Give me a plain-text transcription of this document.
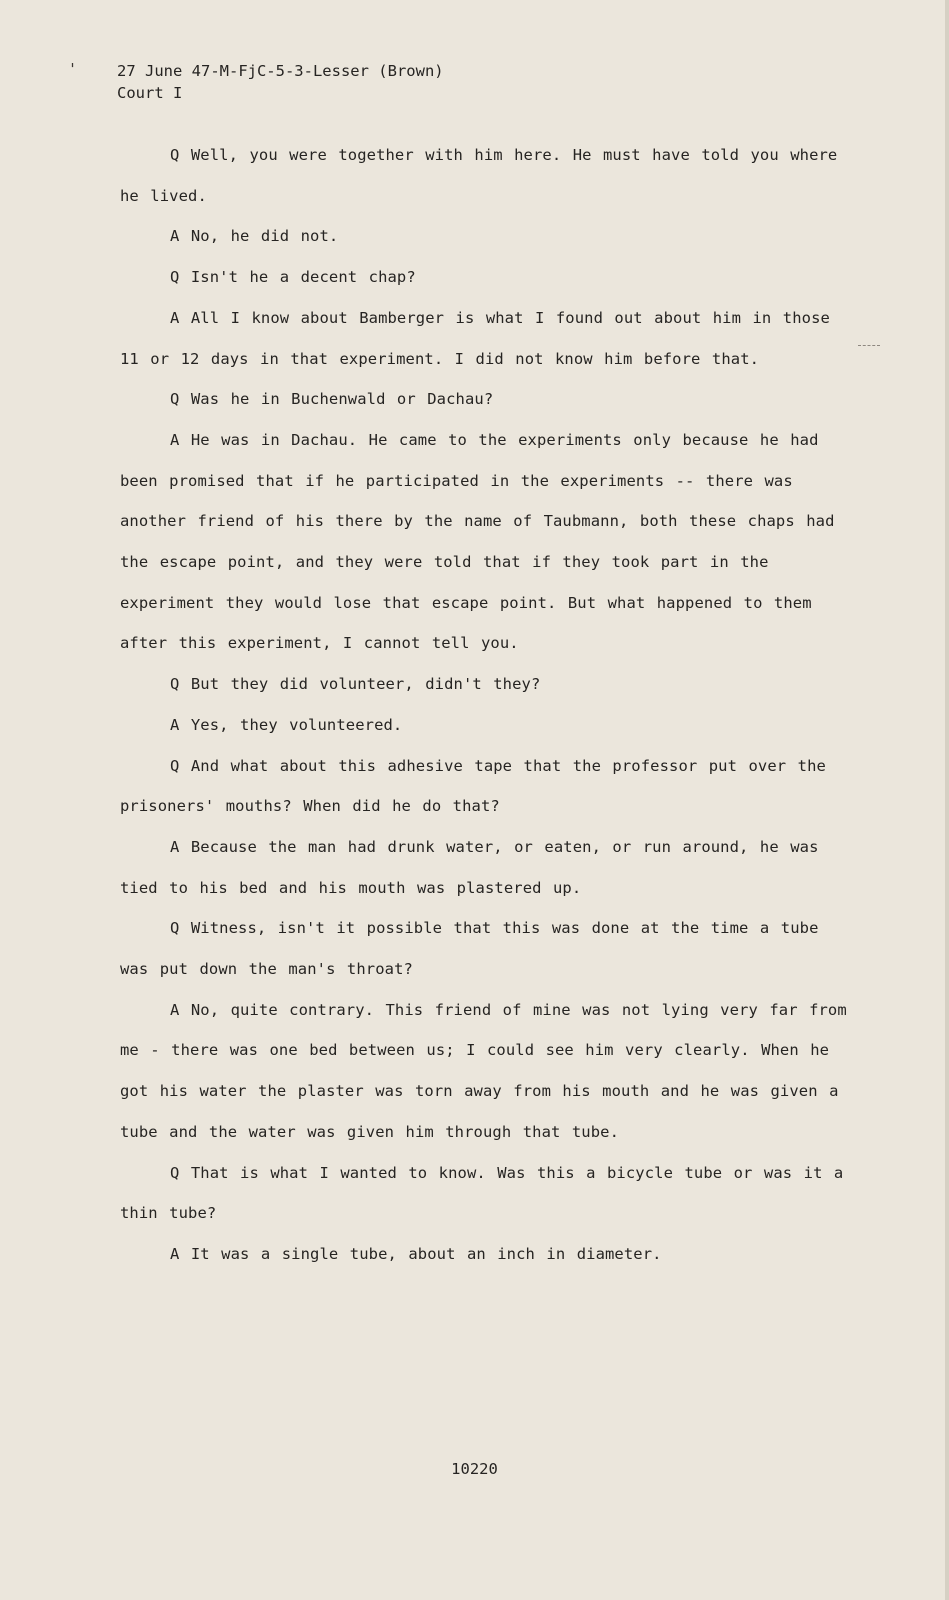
'	27 June 47-M-FjC-5-3-Lesser (Brown)
Court I

Q Well, you were together with him here. He must have told you where he lived.

A No, he did not.

Q Isn't he a decent chap?

A All I know about Bamberger is what I found out about him in those 11 or 12 days in that experiment. I did not know him before that.

Q Was he in Buchenwald or Dachau?

A He was in Dachau. He came to the experiments only because he had been promised that if he participated in the experiments -- there was another friend of his there by the name of Taubmann, both these chaps had the escape point, and they were told that if they took part in the experiment they would lose that escape point. But what happened to them after this experiment, I cannot tell you.

Q But they did volunteer, didn't they?

A Yes, they volunteered.

Q And what about this adhesive tape that the professor put over the prisoners' mouths? When did he do that?

A Because the man had drunk water, or eaten, or run around, he was tied to his bed and his mouth was plastered up.

Q Witness, isn't it possible that this was done at the time a tube was put down the man's throat?

A No, quite contrary. This friend of mine was not lying very far from me - there was one bed between us; I could see him very clearly. When he got his water the plaster was torn away from his mouth and he was given a tube and the water was given him through that tube.

Q That is what I wanted to know. Was this a bicycle tube or was it a thin tube?

A It was a single tube, about an inch in diameter.

10220
